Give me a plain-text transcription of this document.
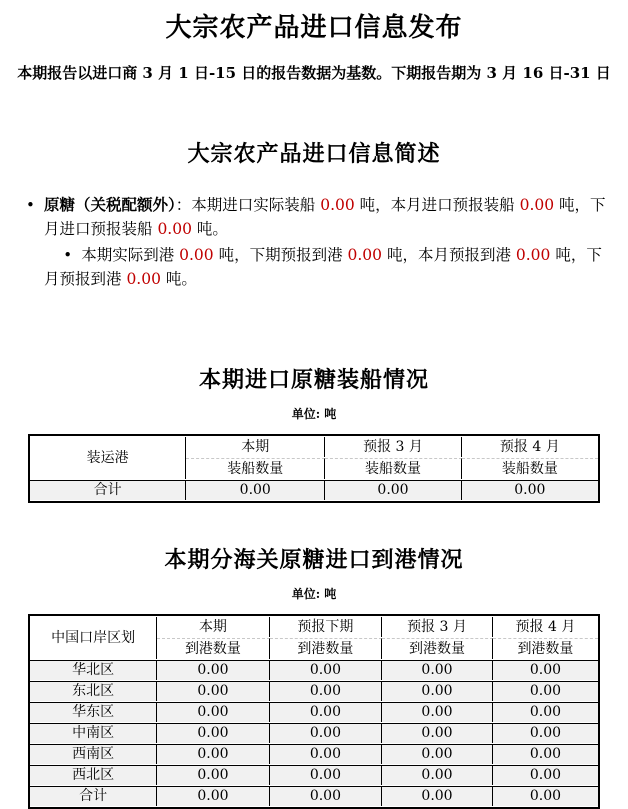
大宗农产品进口信息发布

本期报告以进口商 3 月 1 日-15 日的报告数据为基数。下期报告期为 3 月 16 日-31 日

大宗农产品进口信息简述
• 原糖（关税配额外）：本期进口实际装船 0.00 吨，本月进口预报装船 0.00 吨，下月进口预报装船 0.00 吨。
• 本期实际到港 0.00 吨，下期预报到港 0.00 吨，本月预报到港 0.00 吨，下月预报到港 0.00 吨。
本期进口原糖装船情况
单位: 吨
装运港	本期	预报 3 月	预报 4 月
	装船数量	装船数量	装船数量
合计	0.00	0.00	0.00
本期分海关原糖进口到港情况
单位: 吨
中国口岸区划	本期	预报下期	预报 3 月	预报 4 月
	到港数量	到港数量	到港数量	到港数量
华北区	0.00	0.00	0.00	0.00
东北区	0.00	0.00	0.00	0.00
华东区	0.00	0.00	0.00	0.00
中南区	0.00	0.00	0.00	0.00
西南区	0.00	0.00	0.00	0.00
西北区	0.00	0.00	0.00	0.00
合计	0.00	0.00	0.00	0.00
